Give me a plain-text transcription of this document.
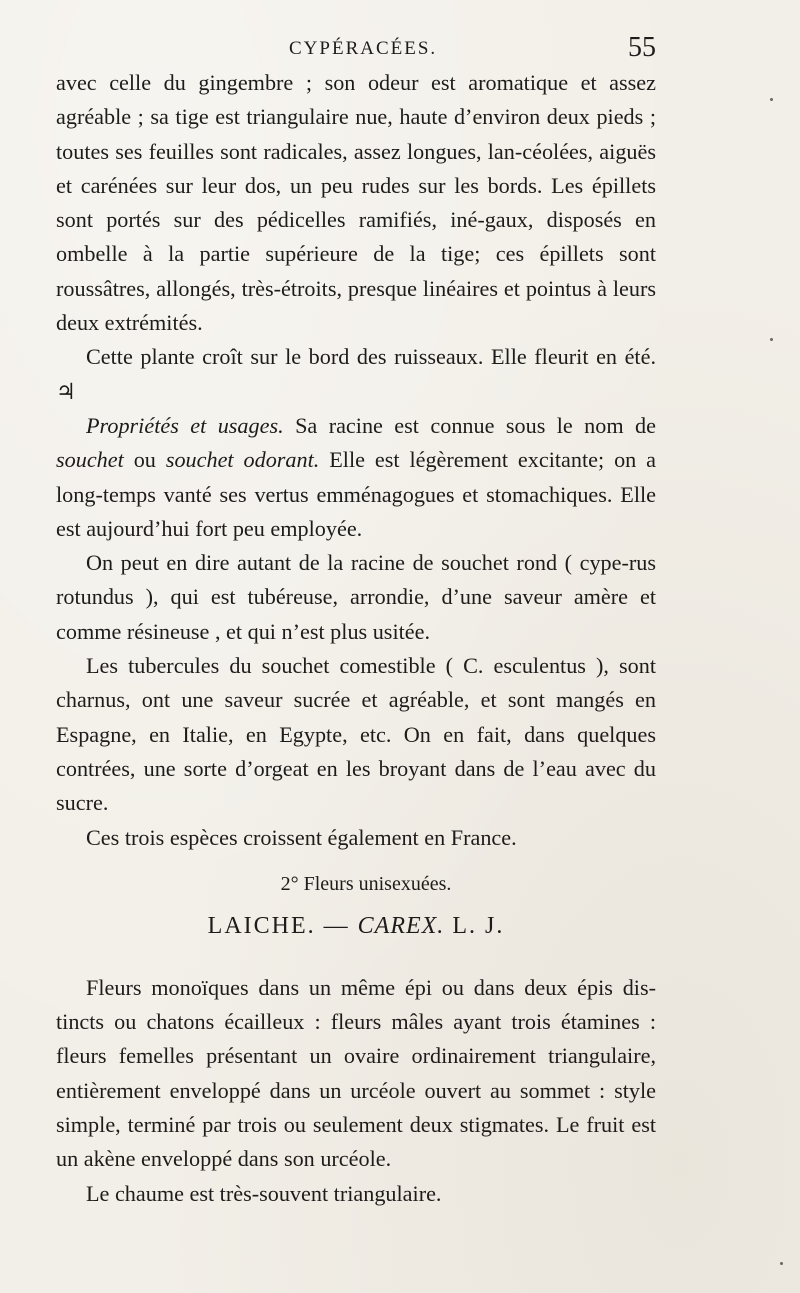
CYPÉRACÉES.	55

avec celle du gingembre ; son odeur est aromatique et assez agréable ; sa tige est triangulaire nue, haute d’environ deux pieds ; toutes ses feuilles sont radicales, assez longues, lan-céolées, aiguës et carénées sur leur dos, un peu rudes sur les bords. Les épillets sont portés sur des pédicelles ramifiés, iné-gaux, disposés en ombelle à la partie supérieure de la tige; ces épillets sont roussâtres, allongés, très-étroits, presque linéaires et pointus à leurs deux extrémités.

Cette plante croît sur le bord des ruisseaux. Elle fleurit en été. ♃

Propriétés et usages. Sa racine est connue sous le nom de souchet ou souchet odorant. Elle est légèrement excitante; on a long-temps vanté ses vertus emménagogues et stomachiques. Elle est aujourd’hui fort peu employée.

On peut en dire autant de la racine de souchet rond ( cype-rus rotundus ), qui est tubéreuse, arrondie, d’une saveur amère et comme résineuse , et qui n’est plus usitée.

Les tubercules du souchet comestible ( C. esculentus ), sont charnus, ont une saveur sucrée et agréable, et sont mangés en Espagne, en Italie, en Egypte, etc. On en fait, dans quelques contrées, une sorte d’orgeat en les broyant dans de l’eau avec du sucre.

Ces trois espèces croissent également en France.

2° Fleurs unisexuées.

LAICHE. — CAREX. L. J.

Fleurs monoïques dans un même épi ou dans deux épis dis-tincts ou chatons écailleux : fleurs mâles ayant trois étamines : fleurs femelles présentant un ovaire ordinairement triangulaire, entièrement enveloppé dans un urcéole ouvert au sommet : style simple, terminé par trois ou seulement deux stigmates. Le fruit est un akène enveloppé dans son urcéole.

Le chaume est très-souvent triangulaire.
